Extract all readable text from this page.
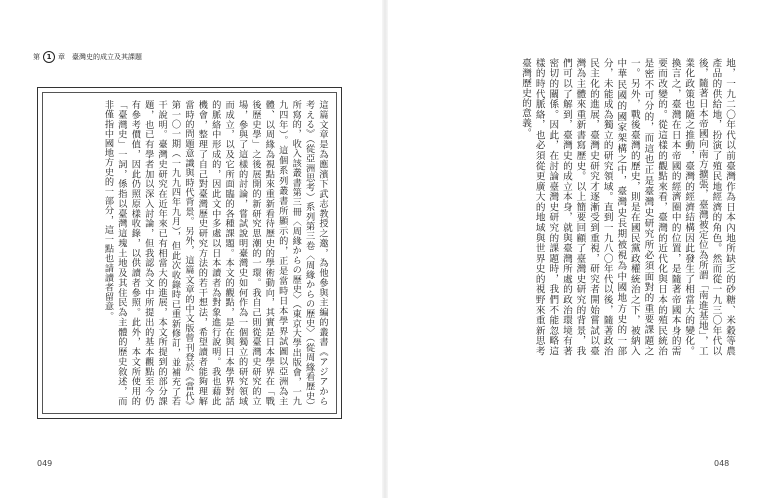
第 1 章 臺灣史的成立及其課題
這篇文章是為應濱下武志教授之邀，為他參與主編的叢書《アジアから考える》（從亞洲思考）系列第三卷〈周緣からの歷史〉（從周緣看歷史）所寫的，收入該叢書第三冊〈周緣からの歷史〉（東京大學出版會，一九九四年）。這個系列叢書所顯示的，正是當時日本學界試圖以亞洲為主體、以周緣為視點來重新看待歷史的學術動向，其實是日本學界在「戰後歷史學」之後展開的新研究思潮的一環。我自己則從臺灣史研究的立場，參與了這樣的討論，嘗試說明臺灣史如何作為一個獨立的研究領域而成立，以及它所面臨的各種課題。本文的觀點，是在與日本學界對話的脈絡中形成的，因此文中多處以日本讀者為對象進行說明。我也藉此機會，整理了自己對臺灣歷史研究方法的若干想法，希望讀者能夠理解當時的問題意識與時代背景。另外，這篇文章的中文版曾刊登於《當代》第一〇一期（一九九四年九月），但此次收錄時已重新修訂，並補充了若干說明。臺灣史研究在近年來已有相當大的進展，本文所提到的部分課題，也已有學者加以深入討論，但我認為文中所提出的基本觀點至今仍有參考價值，因此仍照原樣收錄，以供讀者參照。此外，本文所使用的「臺灣史」一詞，係指以臺灣這塊土地及其住民為主體的歷史敘述，而非僅指中國地方史的一部分，這一點也請讀者留意。
049
地，一九二〇年代以前臺灣作為日本內地所缺乏的砂糖、米穀等農產品的供給地，扮演了殖民地經濟的角色。然而從一九三〇年代以後，隨著日本帝國向南方擴張，臺灣被定位為所謂「南進基地」，工業化政策也隨之推動，臺灣的經濟結構因此發生了相當大的變化。換言之，臺灣在日本帝國的經濟圈中的位置，是隨著帝國本身的需要而改變的。從這樣的觀點來看，臺灣的近代化與日本的殖民統治是密不可分的，而這也正是臺灣史研究所必須面對的重要課題之一。另外，戰後臺灣的歷史，則是在國民黨政權統治之下，被納入中華民國的國家架構之中，臺灣史長期被視為中國地方史的一部分，未能成為獨立的研究領域。直到一九八〇年代以後，隨著政治民主化的進展，臺灣史研究才逐漸受到重視，研究者開始嘗試以臺灣為主體來重新書寫歷史。以上簡要回顧了臺灣史研究的背景，我們可以了解到，臺灣史的成立本身，就與臺灣所處的政治環境有著密切的關係。因此，在討論臺灣史研究的課題時，我們不能忽略這樣的時代脈絡，也必須從更廣大的地域與世界史的視野來重新思考臺灣歷史的意義。
048
